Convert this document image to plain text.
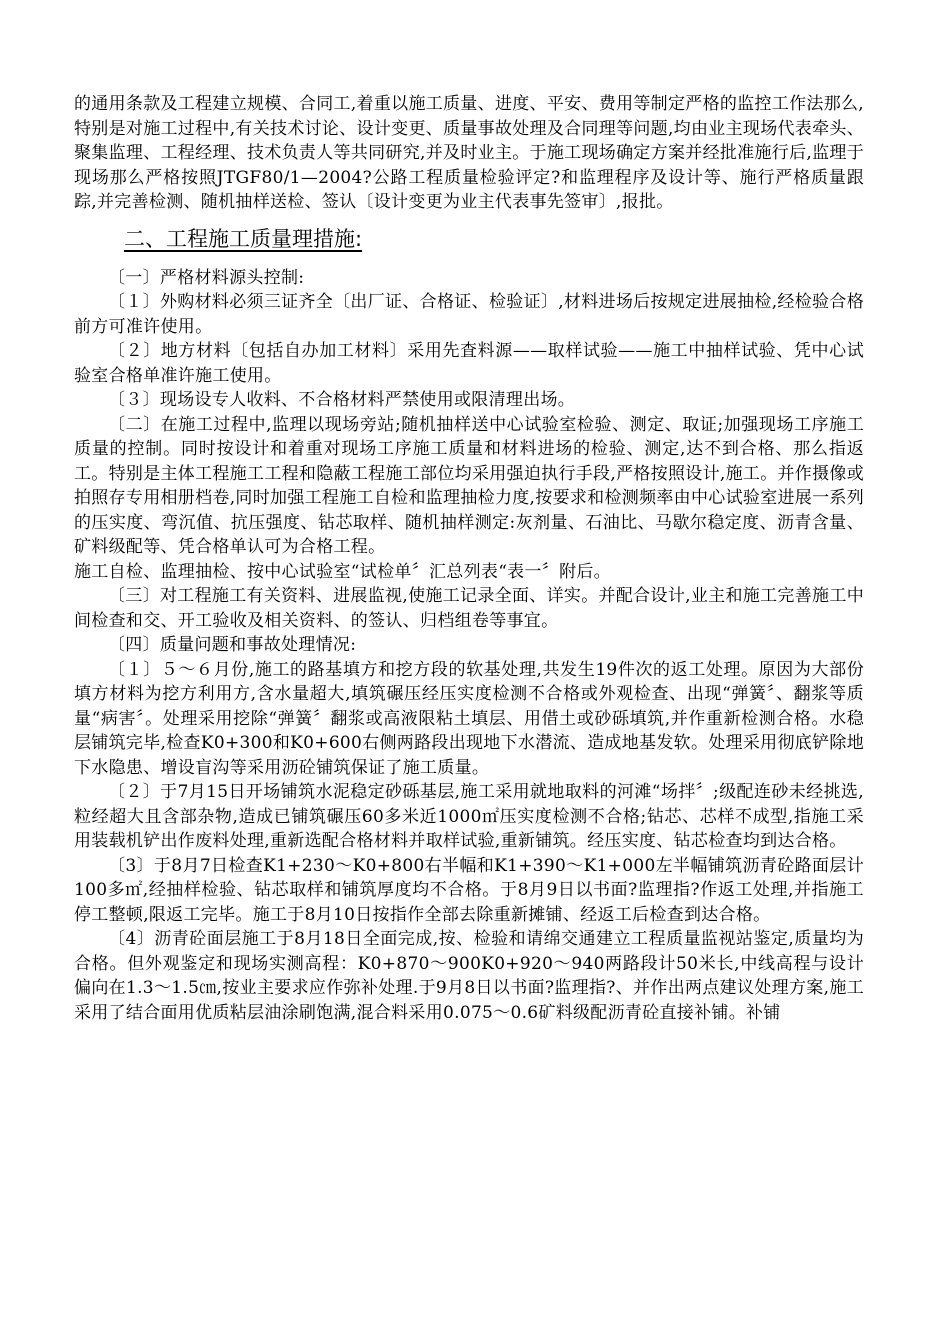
的通用条款及工程建立规模、合同工,着重以施工质量、进度、平安、费用等制定严格的监控工作法那么,特别是对施工过程中,有关技术讨论、设计变更、质量事故处理及合同理等问题,均由业主现场代表牵头、聚集监理、工程经理、技术负责人等共同研究,并及时业主。于施工现场确定方案并经批准施行后,监理于现场那么严格按照JTGF80/1—2004?公路工程质量检验评定?和监理程序及设计等、施行严格质量跟踪,并完善检测、随机抽样送检、签认〔设计变更为业主代表事先签审〕,报批。

二、工程施工质量理措施:

〔一〕严格材料源头控制:

〔１〕外购材料必须三证齐全〔出厂证、合格证、检验证〕,材料进场后按规定进展抽检,经检验合格前方可准许使用。

〔２〕地方材料〔包括自办加工材料〕采用先査料源——取样试验——施工中抽样试验、凭中心试验室合格单准许施工使用。

〔３〕现场设专人收料、不合格材料严禁使用或限清理出场。

〔二〕在施工过程中,监理以现场旁站;随机抽样送中心试验室检验、测定、取证;加强现场工序施工质量的控制。同时按设计和着重对现场工序施工质量和材料进场的检验、测定,达不到合格、那么指返工。特别是主体工程施工工程和隐蔽工程施工部位均采用强迫执行手段,严格按照设计,施工。并作摄像或拍照存专用相册档卷,同时加强工程施工自检和监理抽检力度,按要求和检测频率由中心试验室进展一系列的压实度、弯沉值、抗压强度、钻芯取样、随机抽样测定:灰剂量、石油比、马歇尔稳定度、沥青含量、矿料级配等、凭合格单认可为合格工程。

施工自检、监理抽检、按中心试验室“试检单〞汇总列表“表一〞附后。

〔三〕对工程施工有关资料、进展监视,使施工记录全面、详实。并配合设计,业主和施工完善施工中间检查和交、开工验收及相关资料、的签认、归档组卷等事宜。

〔四〕质量问题和事故处理情况:

〔１〕５～６月份,施工的路基填方和挖方段的软基处理,共发生19件次的返工处理。原因为大部份填方材料为挖方利用方,含水量超大,填筑碾压经压实度检测不合格或外观检查、出现“弹簧〞、翻浆等质量“病害〞。处理采用挖除“弹簧〞翻浆或高液限粘土填层、用借土或砂砾填筑,并作重新检测合格。水稳层铺筑完毕,检查K0+300和K0+600右侧两路段出现地下水潜流、造成地基发软。处理采用彻底铲除地下水隐患、增设盲沟等采用沥砼铺筑保证了施工质量。

〔２〕于7月15日开场铺筑水泥稳定砂砾基层,施工采用就地取料的河滩“场拌〞;级配连砂未经挑选,粒经超大且含部杂物,造成已铺筑碾压60多米近1000㎡压实度检测不合格;钻芯、芯样不成型,指施工采用装载机铲出作废料处理,重新选配合格材料并取样试验,重新铺筑。经压实度、钻芯检查均到达合格。

〔3〕于8月7日检查K1+230～K0+800右半幅和K1+390～K1+000左半幅铺筑沥青砼路面层计100多㎡,经抽样检验、钻芯取样和铺筑厚度均不合格。于8月9日以书面?监理指?作返工处理,并指施工停工整顿,限返工完毕。施工于8月10日按指作全部去除重新摊铺、经返工后检查到达合格。

〔4〕沥青砼面层施工于8月18日全面完成,按、检验和请绵交通建立工程质量监视站鉴定,质量均为合格。但外观鉴定和现场实测高程：K0+870～900K0+920～940两路段计50米长,中线高程与设计偏向在1.3～1.5㎝,按业主要求应作弥补处理.于9月8日以书面?监理指?、并作出两点建议处理方案,施工采用了结合面用优质粘层油涂刷饱满,混合料采用0.075～0.6矿料级配沥青砼直接补铺。补铺
